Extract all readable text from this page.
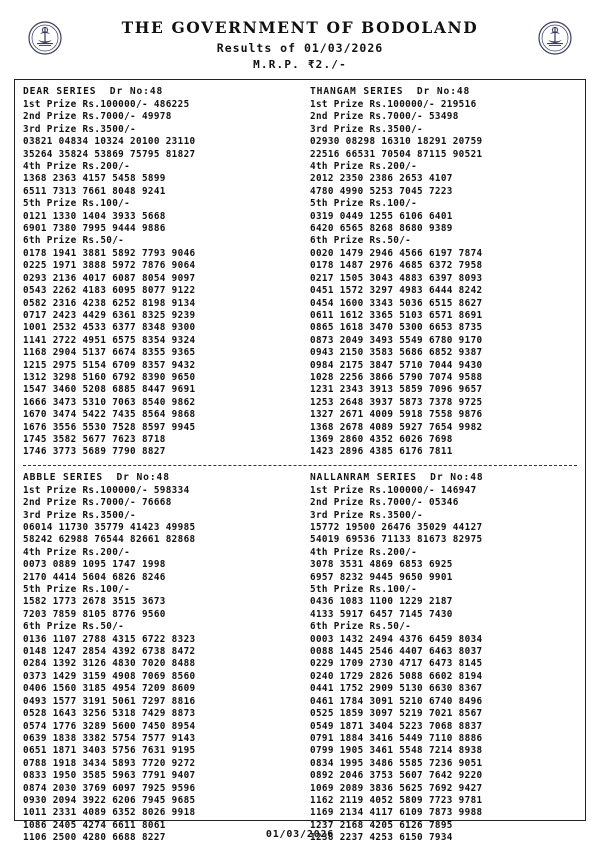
THE GOVERNMENT OF BODOLAND
Results of 01/03/2026
M.R.P. ₹2./-
DEAR SERIES  Dr No:48
1st Prize Rs.100000/- 486225
2nd Prize Rs.7000/- 49978
3rd Prize Rs.3500/-
03821 04834 10324 20100 23110
35264 35824 53869 75795 81827
4th Prize Rs.200/-
1368 2363 4157 5458 5899
6511 7313 7661 8048 9241
5th Prize Rs.100/-
0121 1330 1404 3933 5668
6901 7380 7995 9444 9886
6th Prize Rs.50/-
0178 1941 3881 5892 7793 9046
0225 1971 3888 5972 7876 9064
0293 2136 4017 6087 8054 9097
0543 2262 4183 6095 8077 9122
0582 2316 4238 6252 8198 9134
0717 2423 4429 6361 8325 9239
1001 2532 4533 6377 8348 9300
1141 2722 4951 6575 8354 9324
1168 2904 5137 6674 8355 9365
1215 2975 5154 6709 8357 9432
1312 3298 5160 6792 8390 9650
1547 3460 5208 6885 8447 9691
1666 3473 5310 7063 8540 9862
1670 3474 5422 7435 8564 9868
1676 3556 5530 7528 8597 9945
1745 3582 5677 7623 8718
1746 3773 5689 7790 8827
THANGAM SERIES  Dr No:48
1st Prize Rs.100000/- 219516
2nd Prize Rs.7000/- 53498
3rd Prize Rs.3500/-
02930 08298 16310 18291 20759
22516 66531 70504 87115 90521
4th Prize Rs.200/-
2012 2350 2386 2653 4107
4780 4990 5253 7045 7223
5th Prize Rs.100/-
0319 0449 1255 6106 6401
6420 6565 8268 8680 9389
6th Prize Rs.50/-
0020 1479 2946 4566 6197 7874
0178 1487 2976 4685 6372 7958
0217 1505 3043 4883 6397 8093
0451 1572 3297 4983 6444 8242
0454 1600 3343 5036 6515 8627
0611 1612 3365 5103 6571 8691
0865 1618 3470 5300 6653 8735
0873 2049 3493 5549 6780 9170
0943 2150 3583 5686 6852 9387
0984 2175 3847 5710 7044 9430
1028 2256 3866 5790 7074 9588
1231 2343 3913 5859 7096 9657
1253 2648 3937 5873 7378 9725
1327 2671 4009 5918 7558 9876
1368 2678 4089 5927 7654 9982
1369 2860 4352 6026 7698
1423 2896 4385 6176 7811
ABBLE SERIES  Dr No:48
1st Prize Rs.100000/- 598334
2nd Prize Rs.7000/- 76668
3rd Prize Rs.3500/-
06014 11730 35779 41423 49985
58242 62988 76544 82661 82868
4th Prize Rs.200/-
0073 0889 1095 1747 1998
2170 4414 5604 6826 8246
5th Prize Rs.100/-
1582 1773 2678 3515 3673
7203 7859 8105 8776 9560
6th Prize Rs.50/-
0136 1107 2788 4315 6722 8323
0148 1247 2854 4392 6738 8472
0284 1392 3126 4830 7020 8488
0373 1429 3159 4908 7069 8560
0406 1560 3185 4954 7209 8609
0493 1577 3191 5061 7297 8816
0528 1643 3256 5318 7429 8873
0574 1776 3289 5600 7450 8954
0639 1838 3382 5754 7577 9143
0651 1871 3403 5756 7631 9195
0788 1918 3434 5893 7720 9272
0833 1950 3585 5963 7791 9407
0874 2030 3769 6097 7925 9596
0930 2094 3922 6206 7945 9685
1011 2331 4089 6352 8026 9918
1086 2405 4274 6611 8061
1106 2500 4280 6688 8227
NALLANRAM SERIES  Dr No:48
1st Prize Rs.100000/- 146947
2nd Prize Rs.7000/- 05346
3rd Prize Rs.3500/-
15772 19500 26476 35029 44127
54019 69536 71133 81673 82975
4th Prize Rs.200/-
3078 3531 4869 6853 6925
6957 8232 9445 9650 9901
5th Prize Rs.100/-
0436 1083 1100 1229 2187
4133 5917 6457 7145 7430
6th Prize Rs.50/-
0003 1432 2494 4376 6459 8034
0088 1445 2546 4407 6463 8037
0229 1709 2730 4717 6473 8145
0240 1729 2826 5088 6602 8194
0441 1752 2909 5130 6630 8367
0461 1784 3091 5210 6740 8496
0525 1859 3097 5219 7021 8567
0549 1871 3404 5223 7068 8837
0791 1884 3416 5449 7110 8886
0799 1905 3461 5548 7214 8938
0834 1995 3486 5585 7236 9051
0892 2046 3753 5607 7642 9220
1069 2089 3836 5625 7692 9427
1162 2119 4052 5809 7723 9781
1169 2134 4117 6109 7873 9988
1237 2168 4205 6126 7895
1238 2237 4253 6150 7934
01/03/2026
